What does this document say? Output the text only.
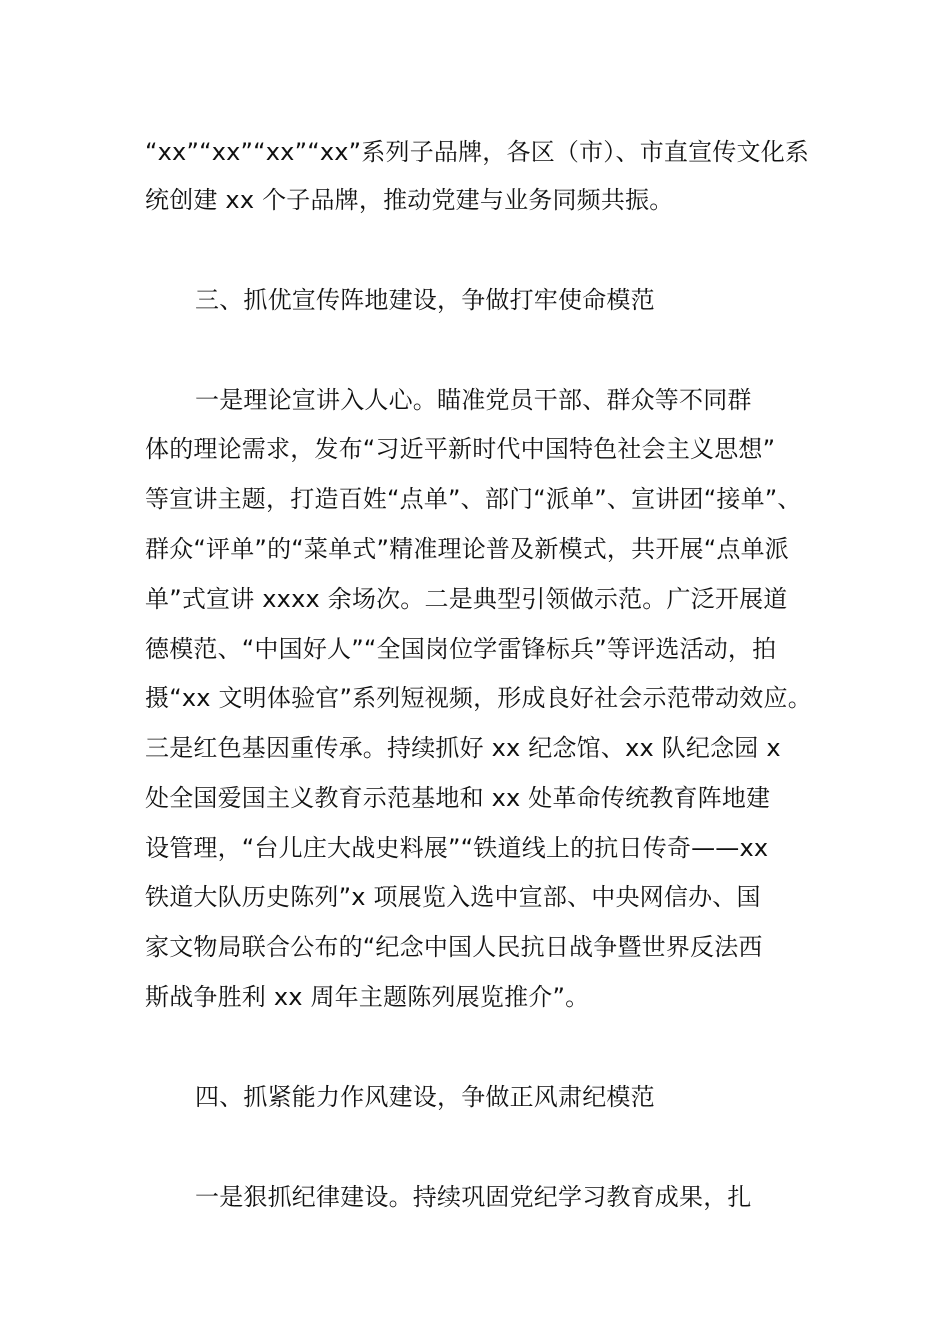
“xx”“xx”“xx”“xx”系列子品牌，各区（市）、市直宣传文化系
统创建 xx 个子品牌，推动党建与业务同频共振。
三、抓优宣传阵地建设，争做打牢使命模范
一是理论宣讲入人心。瞄准党员干部、群众等不同群
体的理论需求，发布“习近平新时代中国特色社会主义思想”
等宣讲主题，打造百姓“点单”、部门“派单”、宣讲团“接单”、
群众“评单”的“菜单式”精准理论普及新模式，共开展“点单派
单”式宣讲 xxxx 余场次。二是典型引领做示范。广泛开展道
德模范、“中国好人”“全国岗位学雷锋标兵”等评选活动，拍
摄“xx 文明体验官”系列短视频，形成良好社会示范带动效应。
三是红色基因重传承。持续抓好 xx 纪念馆、xx 队纪念园 x
处全国爱国主义教育示范基地和 xx 处革命传统教育阵地建
设管理，“台儿庄大战史料展”“铁道线上的抗日传奇——xx
铁道大队历史陈列”x 项展览入选中宣部、中央网信办、国
家文物局联合公布的“纪念中国人民抗日战争暨世界反法西
斯战争胜利 xx 周年主题陈列展览推介”。
四、抓紧能力作风建设，争做正风肃纪模范
一是狠抓纪律建设。持续巩固党纪学习教育成果，扎
